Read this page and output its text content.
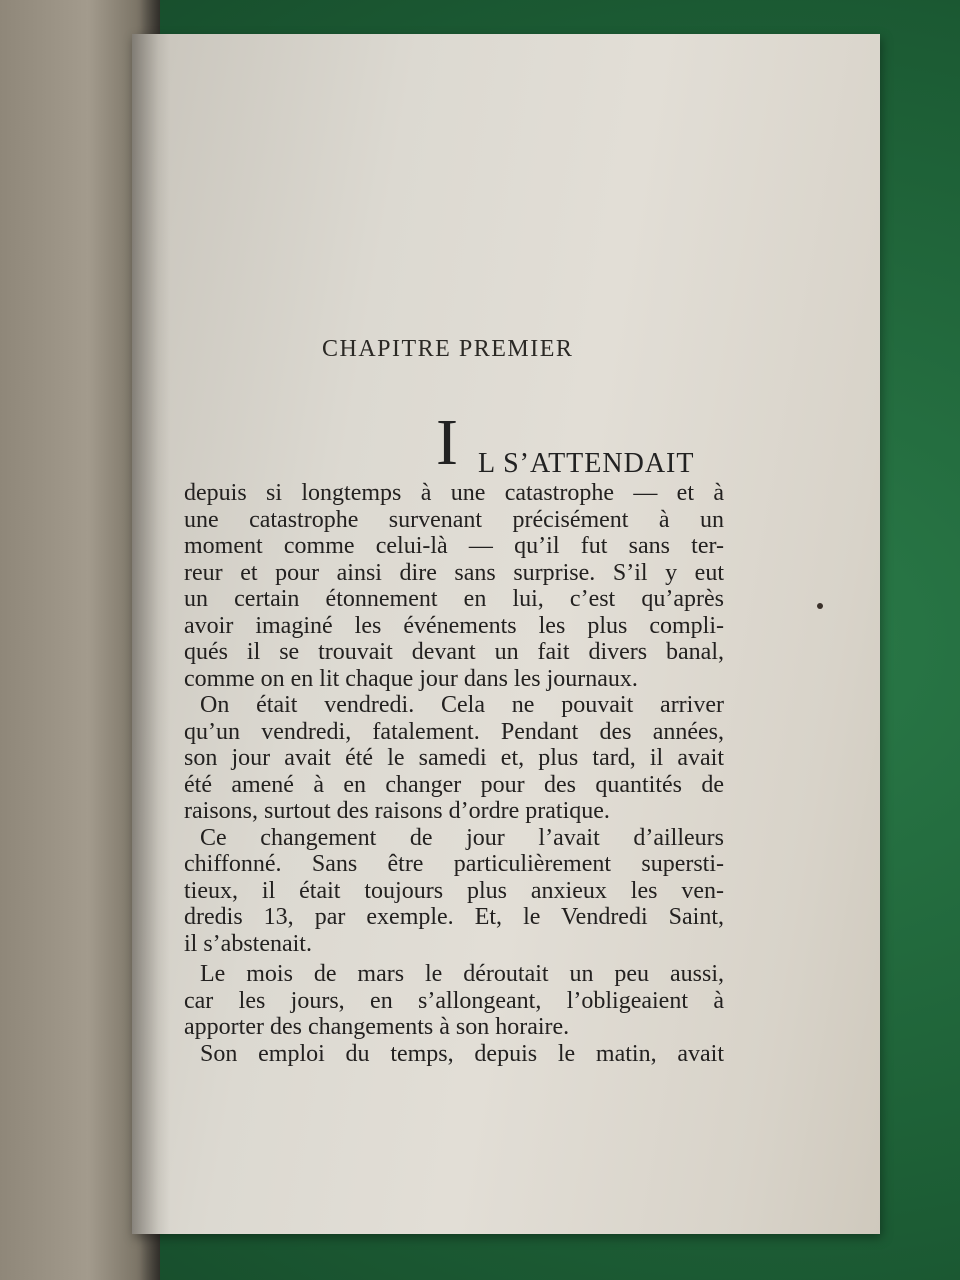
CHAPITRE PREMIER
I L S’ATTENDAIT
depuis si longtemps à une catastrophe — et à
une catastrophe survenant précisément à un
moment comme celui-là — qu’il fut sans ter-
reur et pour ainsi dire sans surprise. S’il y eut
un certain étonnement en lui, c’est qu’après
avoir imaginé les événements les plus compli-
qués il se trouvait devant un fait divers banal,
comme on en lit chaque jour dans les journaux.
On était vendredi. Cela ne pouvait arriver
qu’un vendredi, fatalement. Pendant des années,
son jour avait été le samedi et, plus tard, il avait
été amené à en changer pour des quantités de
raisons, surtout des raisons d’ordre pratique.
Ce changement de jour l’avait d’ailleurs
chiffonné. Sans être particulièrement supersti-
tieux, il était toujours plus anxieux les ven-
dredis 13, par exemple. Et, le Vendredi Saint,
il s’abstenait.
Le mois de mars le déroutait un peu aussi,
car les jours, en s’allongeant, l’obligeaient à
apporter des changements à son horaire.
Son emploi du temps, depuis le matin, avait
